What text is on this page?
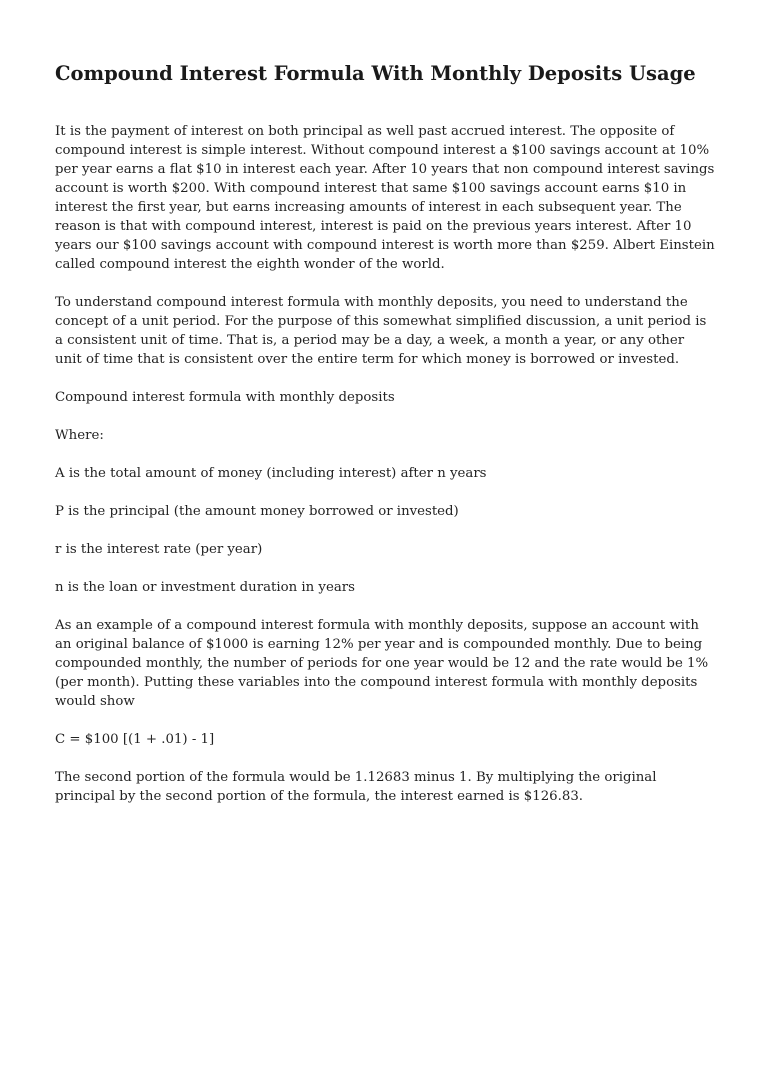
Compound Interest Formula With Monthly Deposits Usage

It is the payment of interest on both principal as well past accrued interest. The opposite of compound interest is simple interest. Without compound interest a $100 savings account at 10% per year earns a flat $10 in interest each year. After 10 years that non compound interest savings account is worth $200. With compound interest that same $100 savings account earns $10 in interest the first year, but earns increasing amounts of interest in each subsequent year. The reason is that with compound interest, interest is paid on the previous years interest. After 10 years our $100 savings account with compound interest is worth more than $259. Albert Einstein called compound interest the eighth wonder of the world.

To understand compound interest formula with monthly deposits, you need to understand the concept of a unit period. For the purpose of this somewhat simplified discussion, a unit period is a consistent unit of time. That is, a period may be a day, a week, a month a year, or any other unit of time that is consistent over the entire term for which money is borrowed or invested.

Compound interest formula with monthly deposits

Where:

A is the total amount of money (including interest) after n years

P is the principal (the amount money borrowed or invested)

r is the interest rate (per year)

n is the loan or investment duration in years

As an example of a compound interest formula with monthly deposits, suppose an account with an original balance of $1000 is earning 12% per year and is compounded monthly. Due to being compounded monthly, the number of periods for one year would be 12 and the rate would be 1% (per month). Putting these variables into the compound interest formula with monthly deposits would show

C = $100 [(1 + .01) - 1]

The second portion of the formula would be 1.12683 minus 1. By multiplying the original principal by the second portion of the formula, the interest earned is $126.83.
